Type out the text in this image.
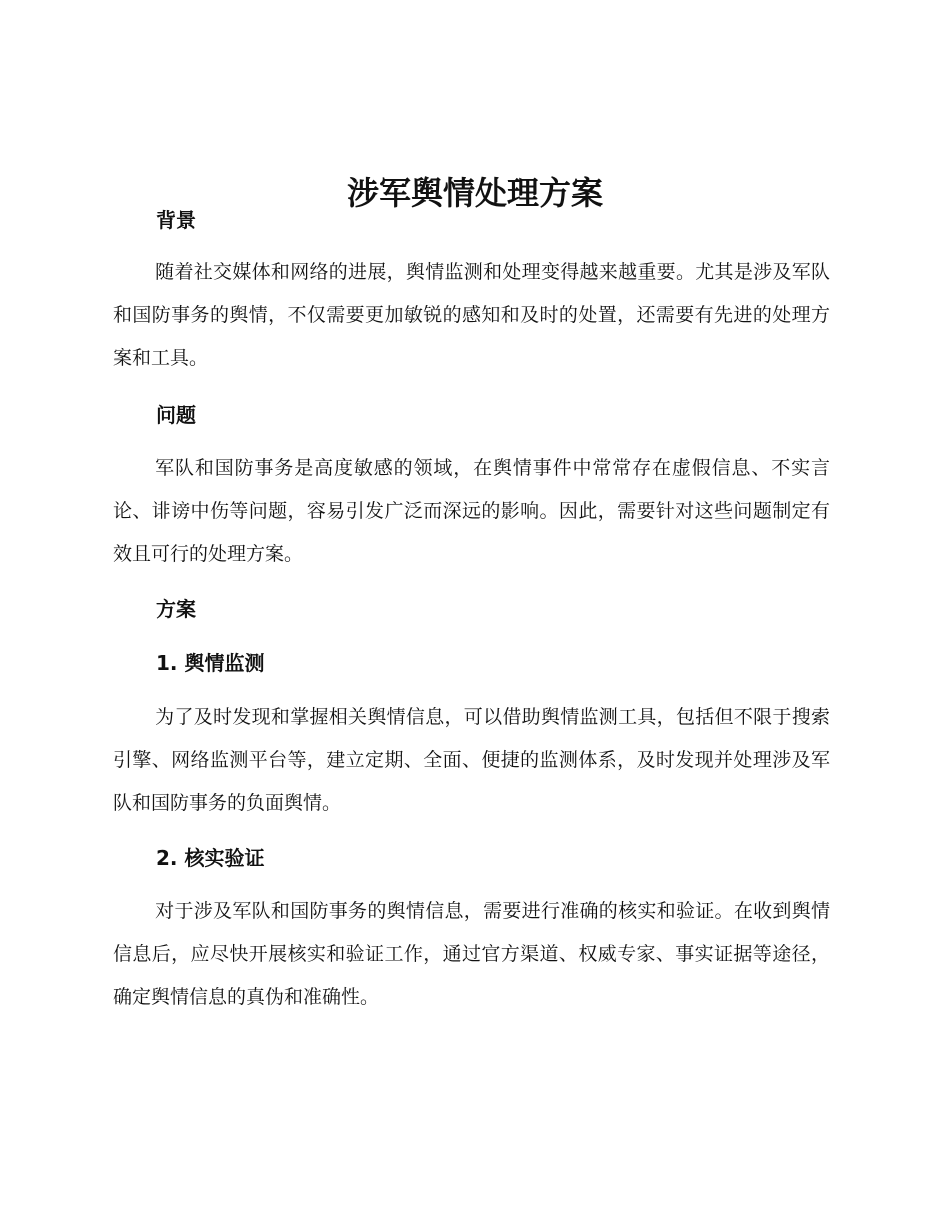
涉军舆情处理方案
背景

随着社交媒体和网络的进展，舆情监测和处理变得越来越重要。尤其是涉及军队和国防事务的舆情，不仅需要更加敏锐的感知和及时的处置，还需要有先进的处理方案和工具。

问题

军队和国防事务是高度敏感的领域，在舆情事件中常常存在虚假信息、不实言论、诽谤中伤等问题，容易引发广泛而深远的影响。因此，需要针对这些问题制定有效且可行的处理方案。

方案
1. 舆情监测

为了及时发现和掌握相关舆情信息，可以借助舆情监测工具，包括但不限于搜索引擎、网络监测平台等，建立定期、全面、便捷的监测体系，及时发现并处理涉及军队和国防事务的负面舆情。

2. 核实验证

对于涉及军队和国防事务的舆情信息，需要进行准确的核实和验证。在收到舆情信息后，应尽快开展核实和验证工作，通过官方渠道、权威专家、事实证据等途径，确定舆情信息的真伪和准确性。
